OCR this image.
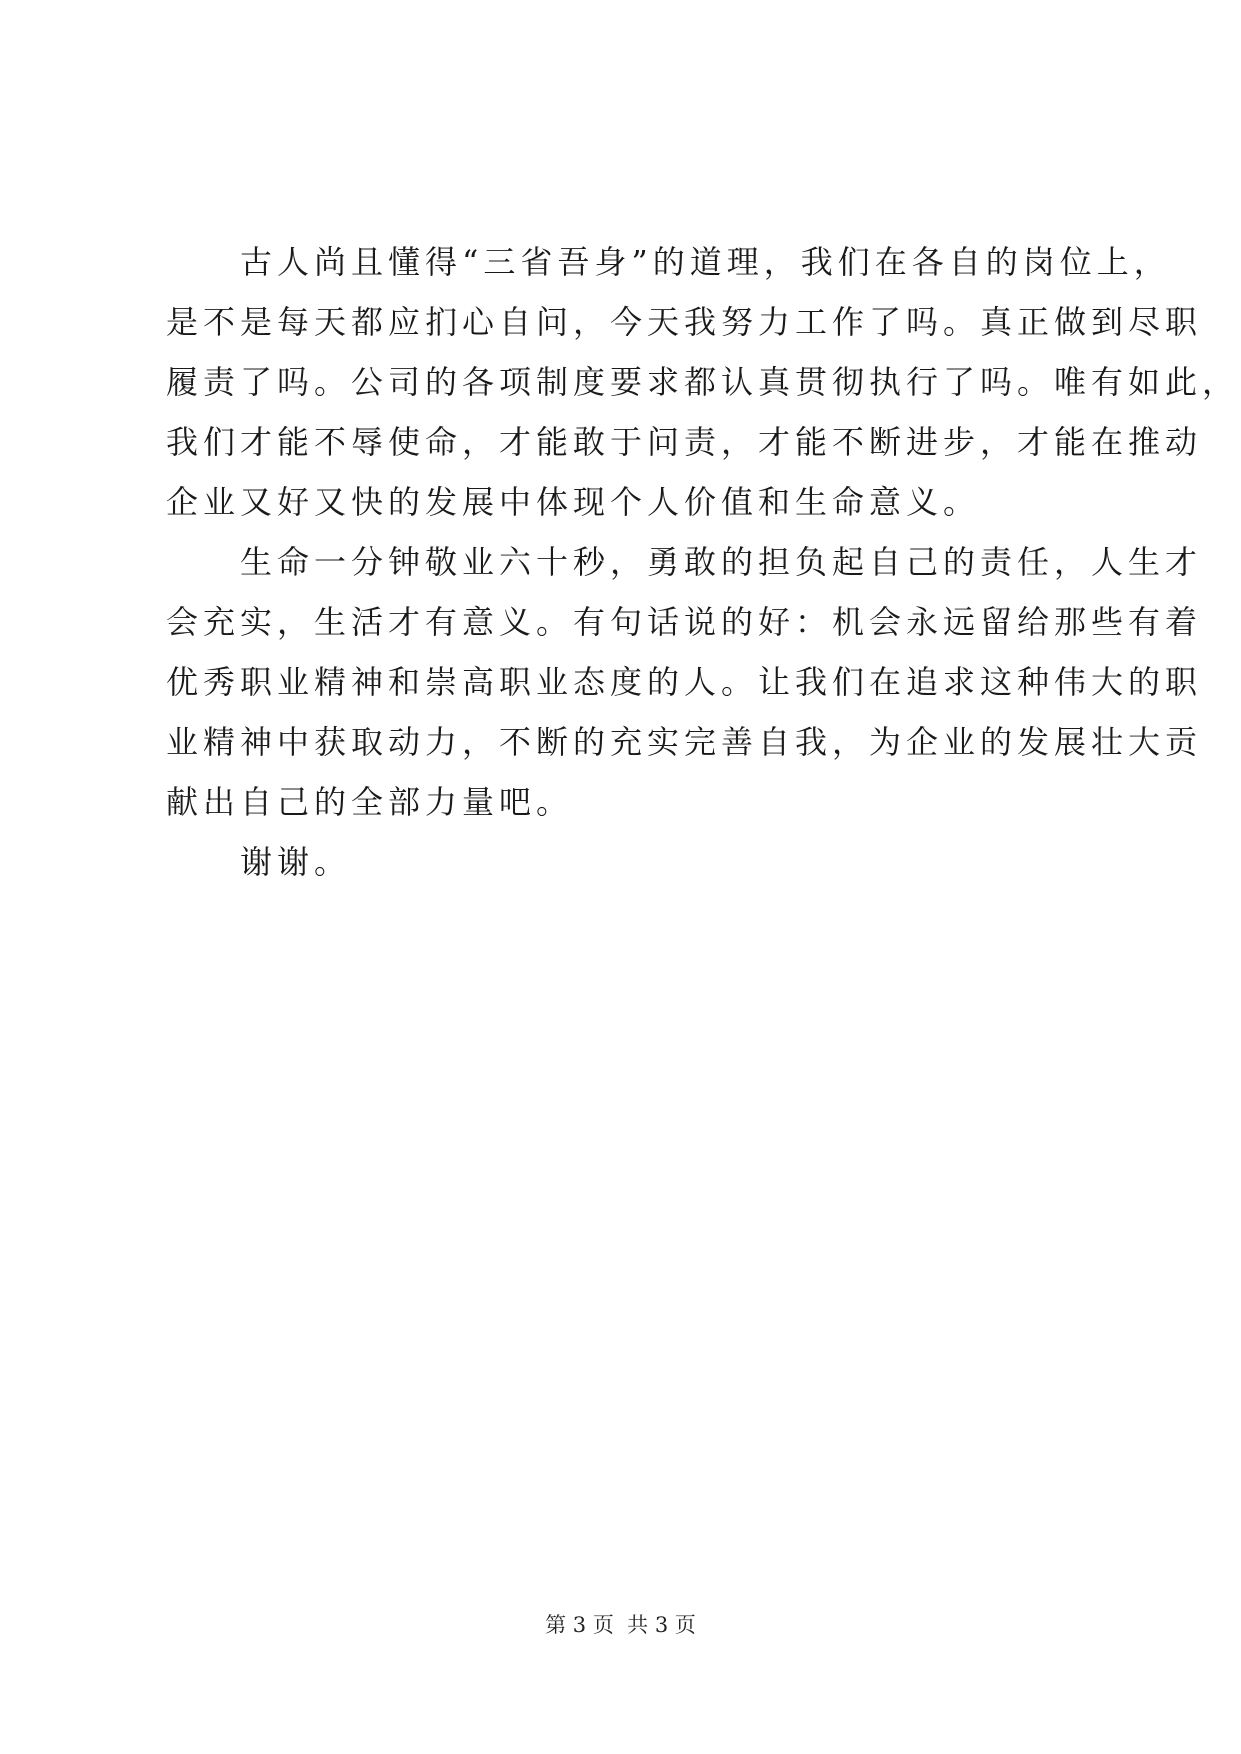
　　古人尚且懂得“三省吾身”的道理，我们在各自的岗位上，
是不是每天都应扪心自问，今天我努力工作了吗。真正做到尽职
履责了吗。公司的各项制度要求都认真贯彻执行了吗。唯有如此，
我们才能不辱使命，才能敢于问责，才能不断进步，才能在推动
企业又好又快的发展中体现个人价值和生命意义。
　　生命一分钟敬业六十秒，勇敢的担负起自己的责任，人生才
会充实，生活才有意义。有句话说的好：机会永远留给那些有着
优秀职业精神和崇高职业态度的人。让我们在追求这种伟大的职
业精神中获取动力，不断的充实完善自我，为企业的发展壮大贡
献出自己的全部力量吧。
　　谢谢。
第 3 页  共 3 页
